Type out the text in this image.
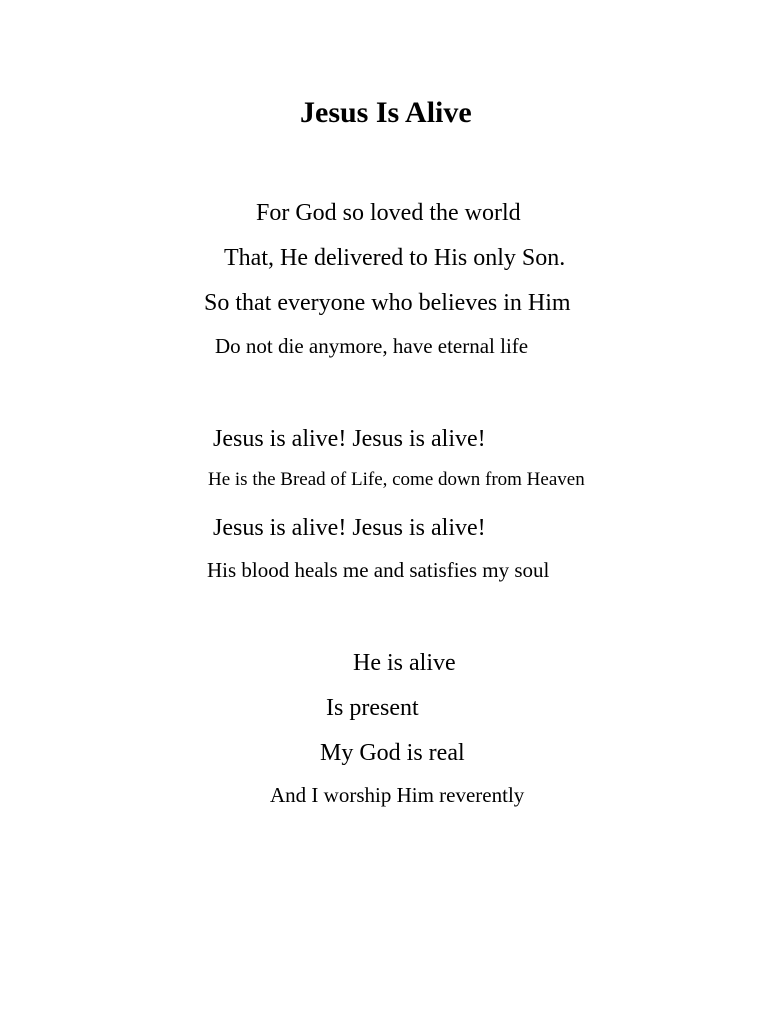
Jesus Is Alive
For God so loved the world
That, He delivered to His only Son.
So that everyone who believes in Him
Do not die anymore, have eternal life
Jesus is alive! Jesus is alive!
He is the Bread of Life, come down from Heaven
Jesus is alive! Jesus is alive!
His blood heals me and satisfies my soul
He is alive
Is present
My God is real
And I worship Him reverently
